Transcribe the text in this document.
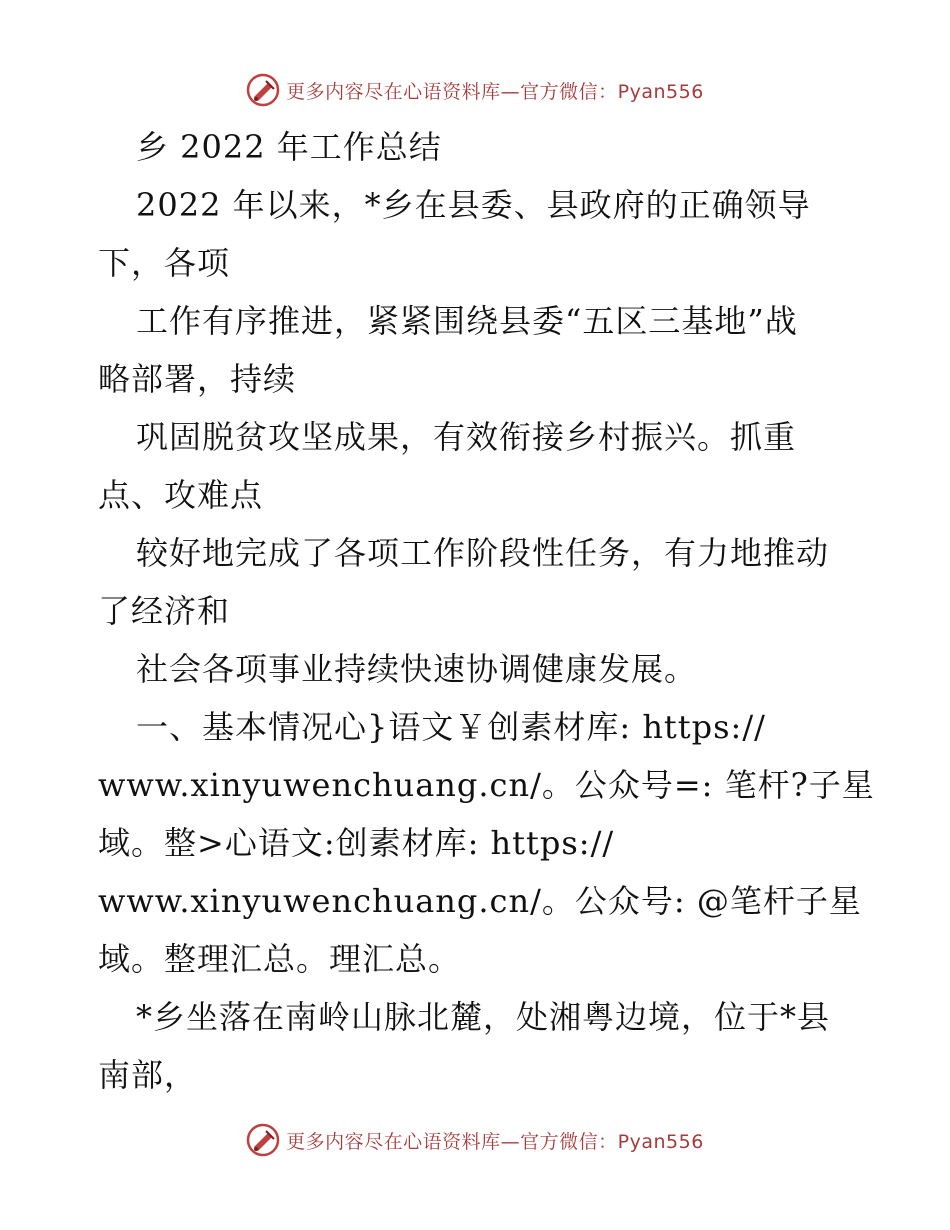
更多内容尽在心语资料库—官方微信：Pyan556
乡 2022 年工作总结
2022 年以来，*乡在县委、县政府的正确领导
下，各项
工作有序推进，紧紧围绕县委“五区三基地”战
略部署，持续
巩固脱贫攻坚成果，有效衔接乡村振兴。抓重
点、攻难点
较好地完成了各项工作阶段性任务，有力地推动
了经济和
社会各项事业持续快速协调健康发展。
一、基本情况心}语文￥创素材库: https://
www.xinyuwenchuang.cn/。公众号=: 笔杆?子星
域。整>心语文:创素材库: https://
www.xinyuwenchuang.cn/。公众号: @笔杆子星
域。整理汇总。理汇总。
*乡坐落在南岭山脉北麓，处湘粤边境，位于*县
南部，
更多内容尽在心语资料库—官方微信：Pyan556
